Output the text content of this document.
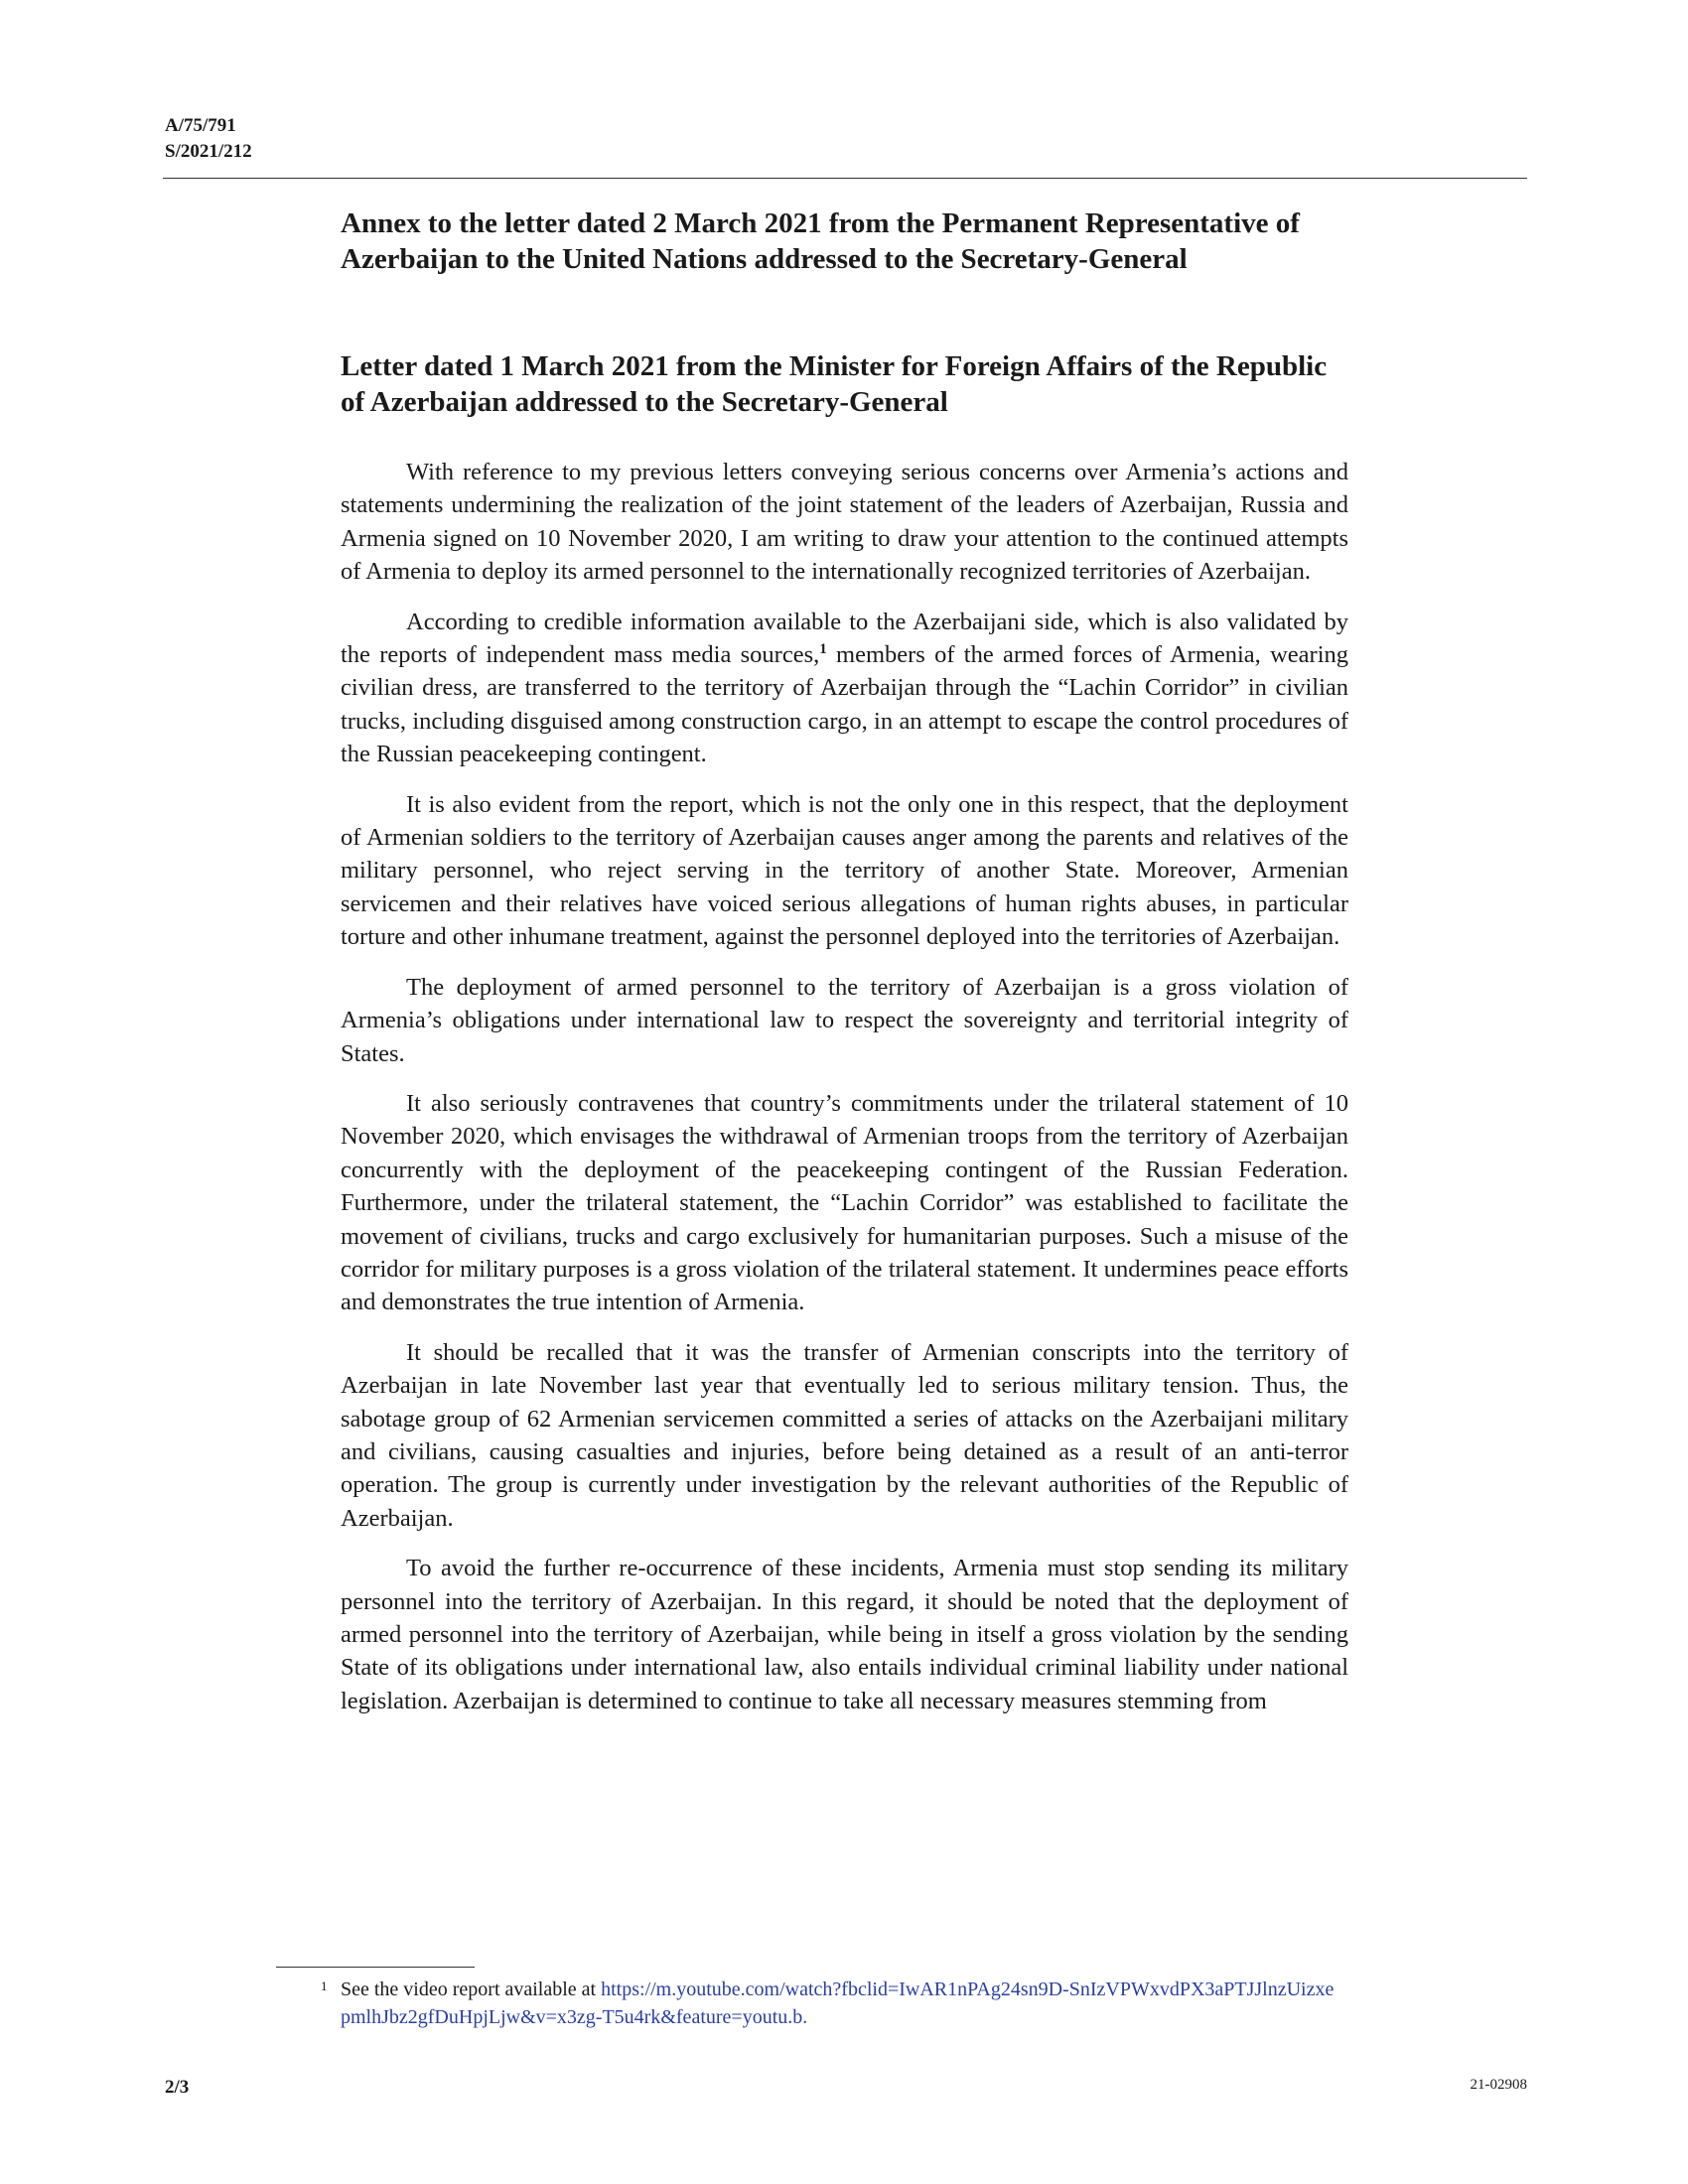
A/75/791
S/2021/212
Annex to the letter dated 2 March 2021 from the Permanent Representative of Azerbaijan to the United Nations addressed to the Secretary-General
Letter dated 1 March 2021 from the Minister for Foreign Affairs of the Republic of Azerbaijan addressed to the Secretary-General

With reference to my previous letters conveying serious concerns over Armenia’s actions and statements undermining the realization of the joint statement of the leaders of Azerbaijan, Russia and Armenia signed on 10 November 2020, I am writing to draw your attention to the continued attempts of Armenia to deploy its armed personnel to the internationally recognized territories of Azerbaijan.

According to credible information available to the Azerbaijani side, which is also validated by the reports of independent mass media sources,$^1$ members of the armed forces of Armenia, wearing civilian dress, are transferred to the territory of Azerbaijan through the “Lachin Corridor” in civilian trucks, including disguised among construction cargo, in an attempt to escape the control procedures of the Russian peacekeeping contingent.

It is also evident from the report, which is not the only one in this respect, that the deployment of Armenian soldiers to the territory of Azerbaijan causes anger among the parents and relatives of the military personnel, who reject serving in the territory of another State. Moreover, Armenian servicemen and their relatives have voiced serious allegations of human rights abuses, in particular torture and other inhumane treatment, against the personnel deployed into the territories of Azerbaijan.

The deployment of armed personnel to the territory of Azerbaijan is a gross violation of Armenia’s obligations under international law to respect the sovereignty and territorial integrity of States.

It also seriously contravenes that country’s commitments under the trilateral statement of 10 November 2020, which envisages the withdrawal of Armenian troops from the territory of Azerbaijan concurrently with the deployment of the peacekeeping contingent of the Russian Federation. Furthermore, under the trilateral statement, the “Lachin Corridor” was established to facilitate the movement of civilians, trucks and cargo exclusively for humanitarian purposes. Such a misuse of the corridor for military purposes is a gross violation of the trilateral statement. It undermines peace efforts and demonstrates the true intention of Armenia.

It should be recalled that it was the transfer of Armenian conscripts into the territory of Azerbaijan in late November last year that eventually led to serious military tension. Thus, the sabotage group of 62 Armenian servicemen committed a series of attacks on the Azerbaijani military and civilians, causing casualties and injuries, before being detained as a result of an anti-terror operation. The group is currently under investigation by the relevant authorities of the Republic of Azerbaijan.

To avoid the further re-occurrence of these incidents, Armenia must stop sending its military personnel into the territory of Azerbaijan. In this regard, it should be noted that the deployment of armed personnel into the territory of Azerbaijan, while being in itself a gross violation by the sending State of its obligations under international law, also entails individual criminal liability under national legislation. Azerbaijan is determined to continue to take all necessary measures stemming from

1 See the video report available at https://m.youtube.com/watch?fbclid=IwAR1nPAg24sn9D-SnIzVPWxvdPX3aPTJJlnzUizxepmlhJbz2gfDuHpjLjw&v=x3zg-T5u4rk&feature=youtu.b.
2/3	21-02908
